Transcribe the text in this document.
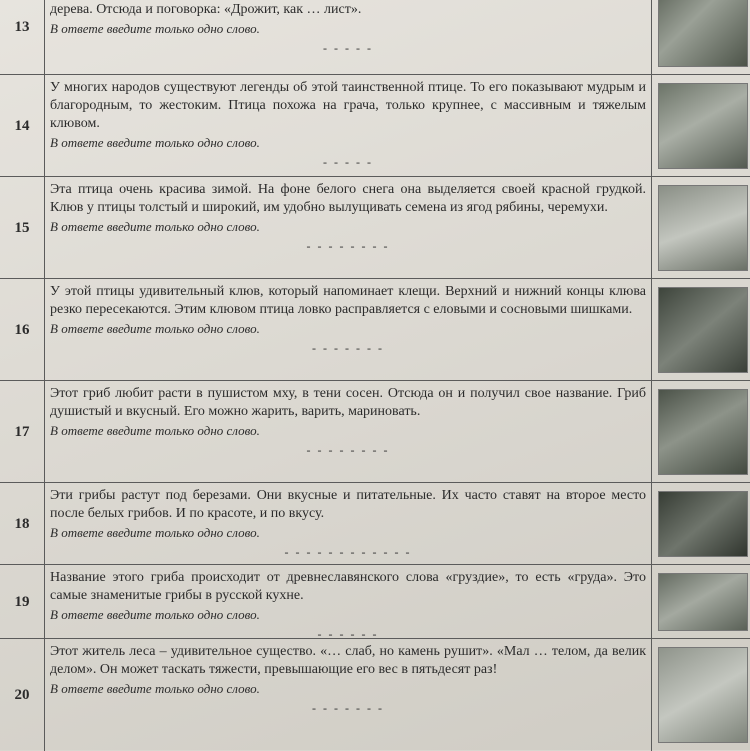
13
дерева. Отсюда и поговорка: «Дрожит, как … лист».
В ответе введите только одно слово.
- - - - -
14
У многих народов существуют легенды об этой таинственной птице. То его показывают мудрым и благородным, то жестоким. Птица похожа на грача, только крупнее, с массивным и тяжелым клювом.
В ответе введите только одно слово.
- - - - -
15
Эта птица очень красива зимой. На фоне белого снега она выделяется своей красной грудкой. Клюв у птицы толстый и широкий, им удобно вылущивать семена из ягод рябины, черемухи.
В ответе введите только одно слово.
- - - - - - - -
16
У этой птицы удивительный клюв, который напоминает клещи. Верхний и нижний концы клюва резко пересекаются. Этим клювом птица ловко расправляется с еловыми и сосновыми шишками.
В ответе введите только одно слово.
- - - - - - -
17
Этот гриб любит расти в пушистом мху, в тени сосен. Отсюда он и получил свое название. Гриб душистый и вкусный. Его можно жарить, варить, мариновать.
В ответе введите только одно слово.
- - - - - - - -
18
Эти грибы растут под березами. Они вкусные и питательные. Их часто ставят на второе место после белых грибов. И по красоте, и по вкусу.
В ответе введите только одно слово.
- - - - - - - - - - - -
19
Название этого гриба происходит от древнеславянского слова «груздие», то есть «груда». Это самые знаменитые грибы в русской кухне.
В ответе введите только одно слово.
- - - - - -
20
Этот житель леса – удивительное существо. «… слаб, но камень рушит». «Мал … телом, да велик делом». Он может таскать тяжести, превышающие его вес в пятьдесят раз!
В ответе введите только одно слово.
- - - - - - -
